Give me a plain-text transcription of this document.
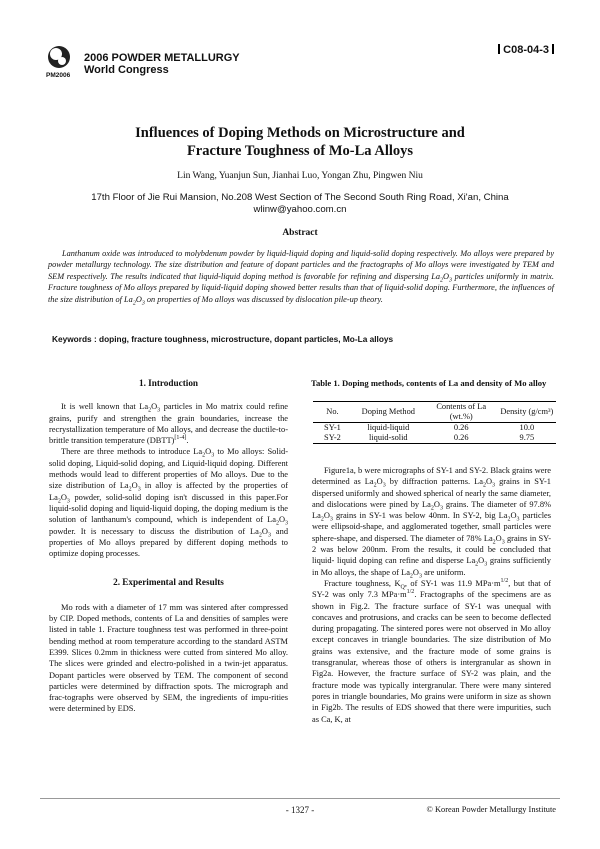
PM2006
2006 POWDER METALLURGY
World Congress
C08-04-3
Influences of Doping Methods on Microstructure and
Fracture Toughness of Mo-La Alloys
Lin Wang, Yuanjun Sun, Jianhai Luo, Yongan Zhu, Pingwen Niu
17th Floor of Jie Rui Mansion, No.208 West Section of The Second South Ring Road, Xi'an, China
wlinw@yahoo.com.cn
Abstract
Lanthanum oxide was introduced to molybdenum powder by liquid-liquid doping and liquid-solid doping respectively. Mo alloys were prepared by powder metallurgy technology. The size distribution and feature of dopant particles and the fractographs of Mo alloys were investigated by TEM and SEM respectively. The results indicated that liquid-liquid doping method is favorable for refining and dispersing $La_2O_3$ particles uniformly in matrix. Fracture toughness of Mo alloys prepared by liquid-liquid doping showed better results than that of liquid-solid doping. Furthermore, the influences of the size distribution of $La_2O_3$ on properties of Mo alloys was discussed by dislocation pile-up theory.
Keywords : doping, fracture toughness, microstructure, dopant particles, Mo-La alloys
1. Introduction

It is well known that $La_2O_3$ particles in Mo matrix could refine grains, purify and strengthen the grain boundaries, increase the recrystallization temperature of Mo alloys, and decrease the ductile-to-brittle transition temperature (DBTT)[1-4].

There are three methods to introduce $La_2O_3$ to Mo alloys: Solid-solid doping, Liquid-solid doping, and Liquid-liquid doping. Different methods would lead to different properties of Mo alloys. Due to the size distribution of $La_2O_3$ in alloy is affected by the properties of $La_2O_3$ powder, solid-solid doping isn't discussed in this paper.For liquid-solid doping and liquid-liquid doping, the doping medium is the solution of lanthanum's compound, which is independent of $La_2O_3$ powder. It is necessary to discuss the distribution of $La_2O_3$ and properties of Mo alloys prepared by different doping methods to optimize doping processes.

2. Experimental and Results

Mo rods with a diameter of 17 mm was sintered after compressed by CIP. Doped methods, contents of La and densities of samples were listed in table 1. Fracture toughness test was performed in three-point bending method at room temperature according to the standard ASTM E399. Slices 0.2mm in thickness were cutted from sintered Mo alloy. The slices were grinded and electro-polished in a twin-jet apparatus. Dopant particles were observed by TEM. The component of second particles were determined by diffraction spots. The micrograph and frac-tographs were observed by SEM, the ingredients of impu-rities were determined by EDS.

Table 1. Doping methods, contents of La and density of Mo alloy
No.	Doping Method	Contents of La (wt.%)	Density (g/cm³)
SY-1	liquid-liquid	0.26	10.0
SY-2	liquid-solid	0.26	9.75

Figure1a, b were micrographs of SY-1 and SY-2. Black grains were determined as $La_2O_3$ by diffraction patterns. $La_2O_3$ grains in SY-1 dispersed uniformly and showed spherical of nearly the same diameter, and dislocations were pined by $La_2O_3$ grains. The diameter of 97.8% $La_2O_3$ grains in SY-1 was below 40nm. In SY-2, big $La_2O_3$ particles were ellipsoid-shape, and agglomerated together, small particles were sphere-shape, and dispersed. The diameter of 78% $La_2O_3$ grains in SY-2 was below 200nm. From the results, it could be concluded that liquid- liquid doping can refine and disperse $La_2O_3$ grains sufficiently in Mo alloys, the shape of $La_2O_3$ are uniform.

Fracture toughness, $K_Q$, of SY-1 was 11.9 $MPa\cdot m^{1/2}$, but that of SY-2 was only 7.3 $MPa\cdot m^{1/2}$. Fractographs of the specimens are as shown in Fig.2. The fracture surface of SY-1 was unequal with concaves and protrusions, and cracks can be seen to become deflected during propagating. The sintered pores were not observed in Mo alloy except concaves in triangle boundaries. The size distribution of Mo grains was extensive, and the fracture mode of some grains is transgranular, whereas those of others is intergranular as shown in Fig2a. However, the fracture surface of SY-2 was plain, and the fracture mode was typically intergranular. There were many sintered pores in triangle boundaries, Mo grains were uniform in size as shown in Fig2b. The results of EDS showed that there were impurities, such as Ca, K, at

- 1327 -	© Korean Powder Metallurgy Institute
